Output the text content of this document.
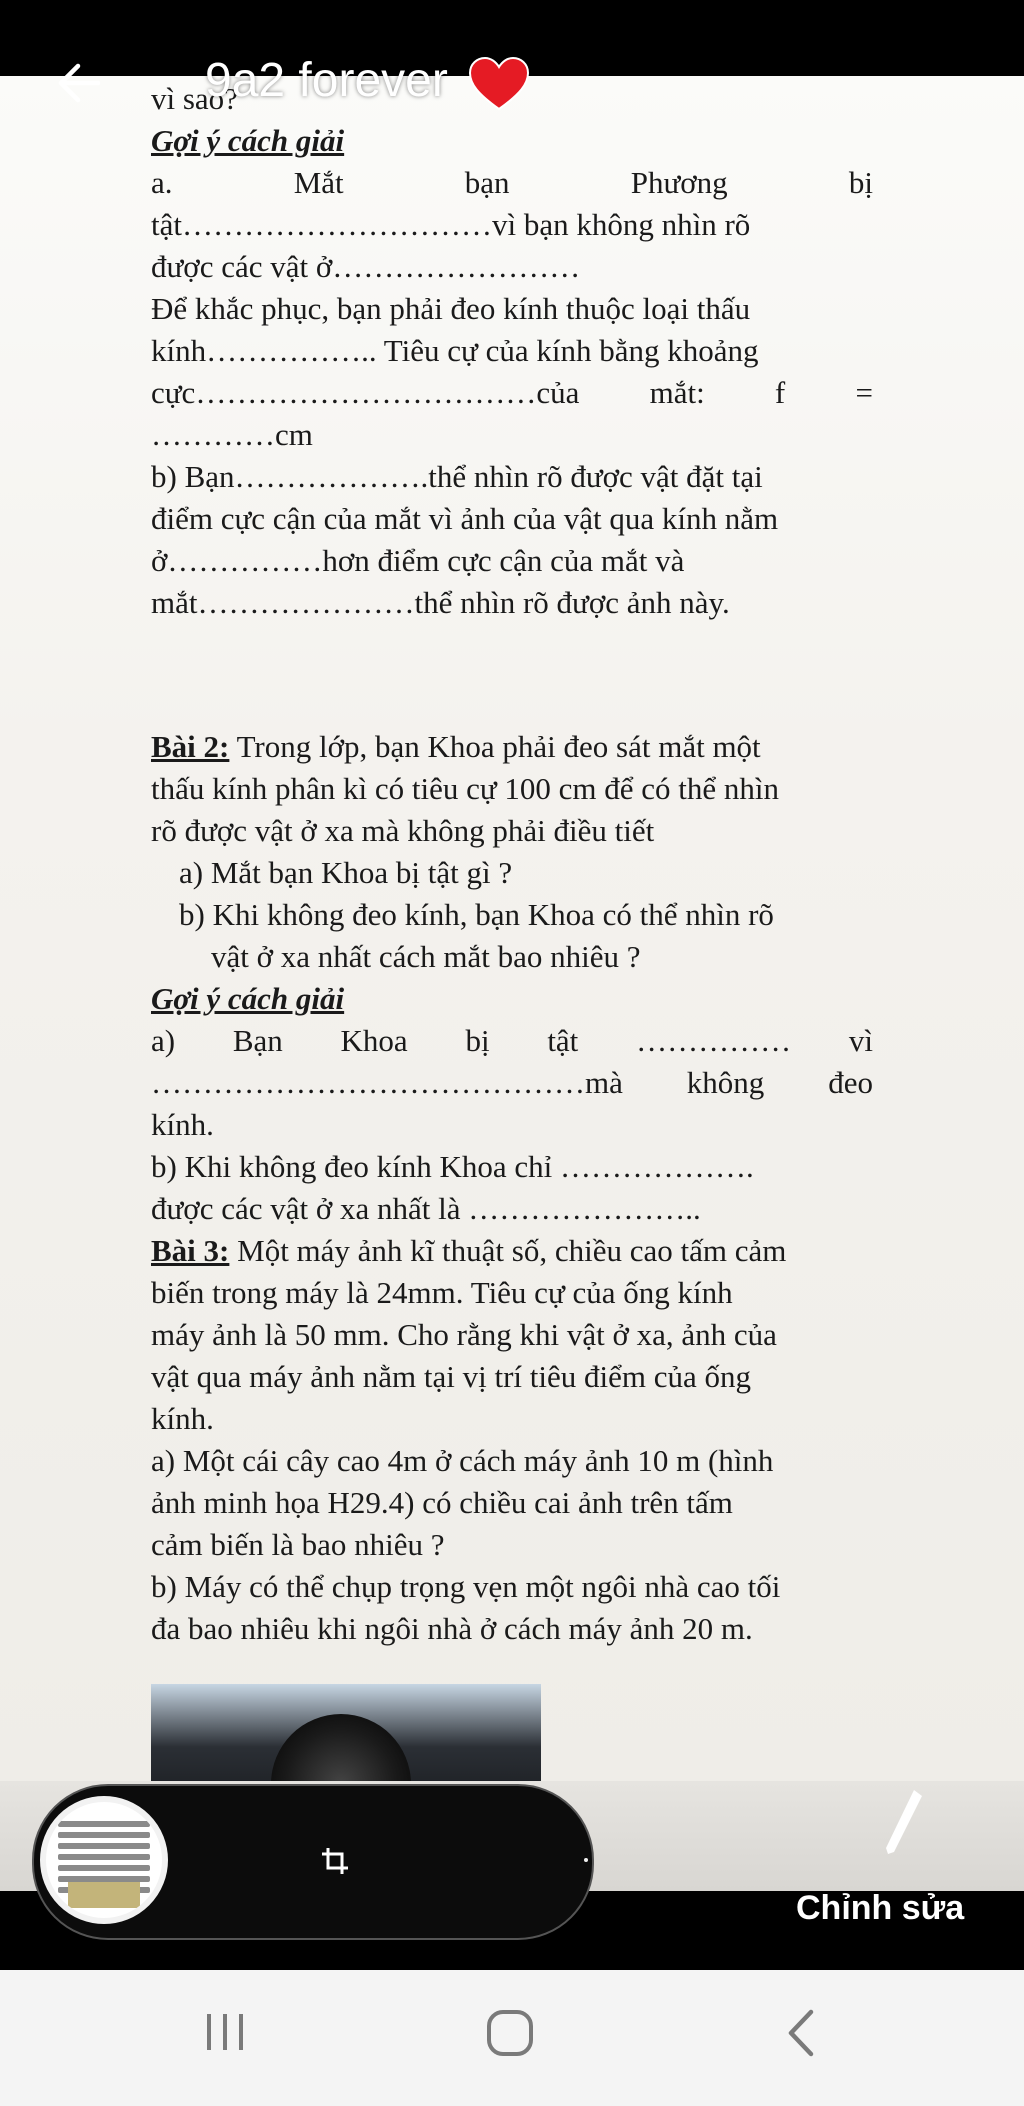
vì sao?
Gợi ý cách giải
a.	Mắt	bạn	Phương	bị
tật…………………………vì bạn không nhìn rõ
được các vật ở……………………
Để khắc phục, bạn phải đeo kính thuộc loại thấu
kính…………….. Tiêu cự của kính bằng khoảng
cực……………………………của mắt: f =
…………cm
b) Bạn……………….thể nhìn rõ được vật đặt tại
điểm cực cận của mắt vì ảnh của vật qua kính nằm
ở……………hơn điểm cực cận của mắt và
mắt…………………thể nhìn rõ được ảnh này.
Bài 2: Trong lớp, bạn Khoa phải đeo sát mắt một
thấu kính phân kì có tiêu cự 100 cm để có thể nhìn
rõ được vật ở xa mà không phải điều tiết
a) Mắt bạn Khoa bị tật gì ?
b) Khi không đeo kính, bạn Khoa có thể nhìn rõ
vật ở xa nhất cách mắt bao nhiêu ?
Gợi ý cách giải
a) Bạn Khoa bị tật …………… vì
……………………………………mà không đeo
kính.
b) Khi không đeo kính Khoa chỉ ……………….
được các vật ở xa nhất là …………………..
Bài 3: Một máy ảnh kĩ thuật số, chiều cao tấm cảm
biến trong máy là 24mm. Tiêu cự của ống kính
máy ảnh là 50 mm. Cho rằng khi vật ở xa, ảnh của
vật qua máy ảnh nằm tại vị trí tiêu điểm của ống
kính.
a) Một cái cây cao 4m ở cách máy ảnh 10 m (hình
ảnh minh họa H29.4) có chiều cai ảnh trên tấm
cảm biến là bao nhiêu ?
b) Máy có thể chụp trọng vẹn một ngôi nhà cao tối
đa bao nhiêu khi ngôi nhà ở cách máy ảnh 20 m.
9a2 forever
Chỉnh sửa
